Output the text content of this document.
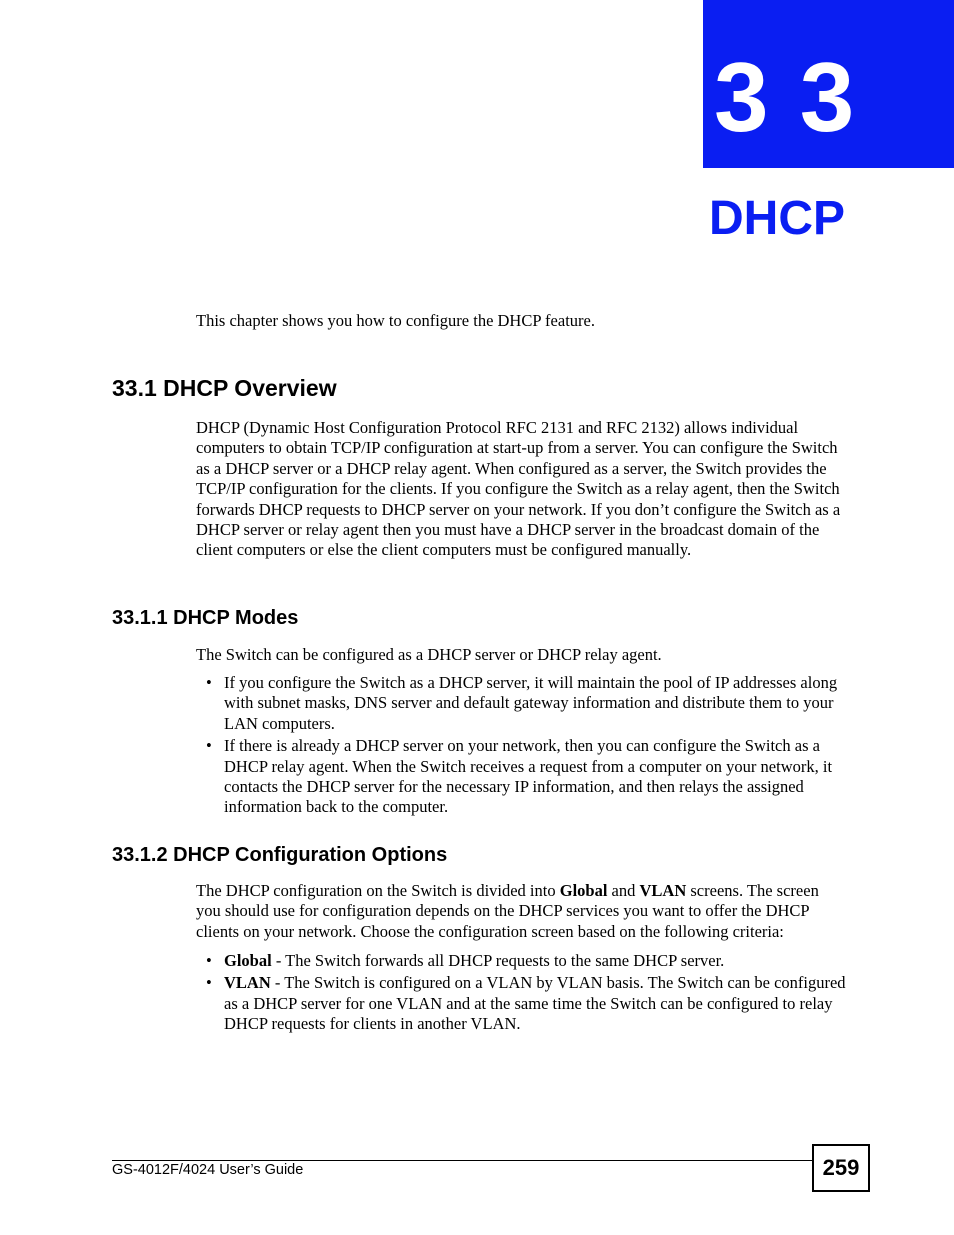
3 3
DHCP

This chapter shows you how to configure the DHCP feature.

33.1 DHCP Overview

DHCP (Dynamic Host Configuration Protocol RFC 2131 and RFC 2132) allows individual computers to obtain TCP/IP configuration at start-up from a server. You can configure the Switch as a DHCP server or a DHCP relay agent. When configured as a server, the Switch provides the TCP/IP configuration for the clients. If you configure the Switch as a relay agent, then the Switch forwards DHCP requests to DHCP server on your network. If you don’t configure the Switch as a DHCP server or relay agent then you must have a DHCP server in the broadcast domain of the client computers or else the client computers must be configured manually.

33.1.1 DHCP Modes

The Switch can be configured as a DHCP server or DHCP relay agent.

• If you configure the Switch as a DHCP server, it will maintain the pool of IP addresses along with subnet masks, DNS server and default gateway information and distribute them to your LAN computers.
• If there is already a DHCP server on your network, then you can configure the Switch as a DHCP relay agent. When the Switch receives a request from a computer on your network, it contacts the DHCP server for the necessary IP information, and then relays the assigned information back to the computer.
33.1.2 DHCP Configuration Options

The DHCP configuration on the Switch is divided into Global and VLAN screens. The screen you should use for configuration depends on the DHCP services you want to offer the DHCP clients on your network. Choose the configuration screen based on the following criteria:

• Global - The Switch forwards all DHCP requests to the same DHCP server.
• VLAN - The Switch is configured on a VLAN by VLAN basis. The Switch can be configured as a DHCP server for one VLAN and at the same time the Switch can be configured to relay DHCP requests for clients in another VLAN.
GS-4012F/4024 User’s Guide	259
